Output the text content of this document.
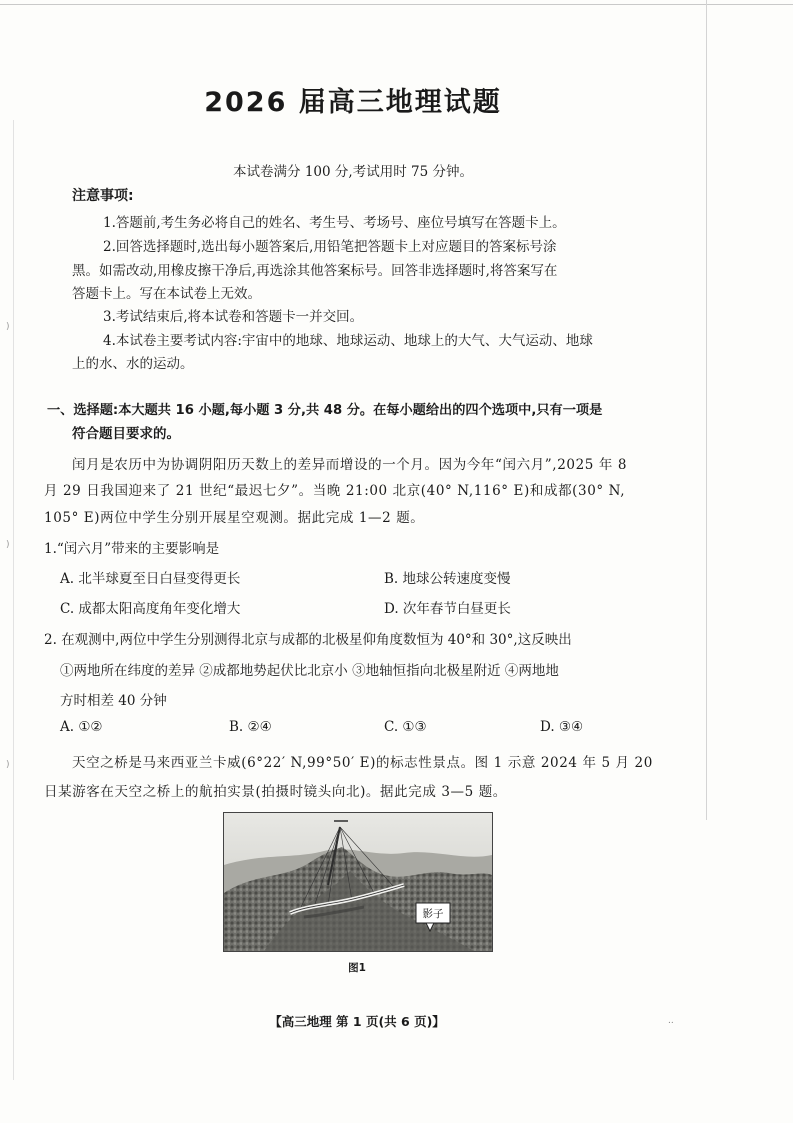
)
)
)
2026 届高三地理试题
本试卷满分 100 分,考试用时 75 分钟。
注意事项:
1.答题前,考生务必将自己的姓名、考生号、考场号、座位号填写在答题卡上。
2.回答选择题时,选出每小题答案后,用铅笔把答题卡上对应题目的答案标号涂
黑。如需改动,用橡皮擦干净后,再选涂其他答案标号。回答非选择题时,将答案写在
答题卡上。写在本试卷上无效。
3.考试结束后,将本试卷和答题卡一并交回。
4.本试卷主要考试内容:宇宙中的地球、地球运动、地球上的大气、大气运动、地球
上的水、水的运动。
一、选择题:本大题共 16 小题,每小题 3 分,共 48 分。在每小题给出的四个选项中,只有一项是
符合题目要求的。
闰月是农历中为协调阴阳历天数上的差异而增设的一个月。因为今年“闰六月”,2025 年 8
月 29 日我国迎来了 21 世纪“最迟七夕”。当晚 21:00 北京(40° N,116° E)和成都(30° N,
105° E)两位中学生分别开展星空观测。据此完成 1—2 题。
1.“闰六月”带来的主要影响是
A. 北半球夏至日白昼变得更长	B. 地球公转速度变慢
C. 成都太阳高度角年变化增大	D. 次年春节白昼更长
2. 在观测中,两位中学生分别测得北京与成都的北极星仰角度数恒为 40°和 30°,这反映出
①两地所在纬度的差异 ②成都地势起伏比北京小 ③地轴恒指向北极星附近 ④两地地
方时相差 40 分钟
A. ①②	B. ②④	C. ①③	D. ③④
天空之桥是马来西亚兰卡威(6°22′ N,99°50′ E)的标志性景点。图 1 示意 2024 年 5 月 20
日某游客在天空之桥上的航拍实景(拍摄时镜头向北)。据此完成 3—5 题。
影子
图1
【高三地理 第 1 页(共 6 页)】	..
